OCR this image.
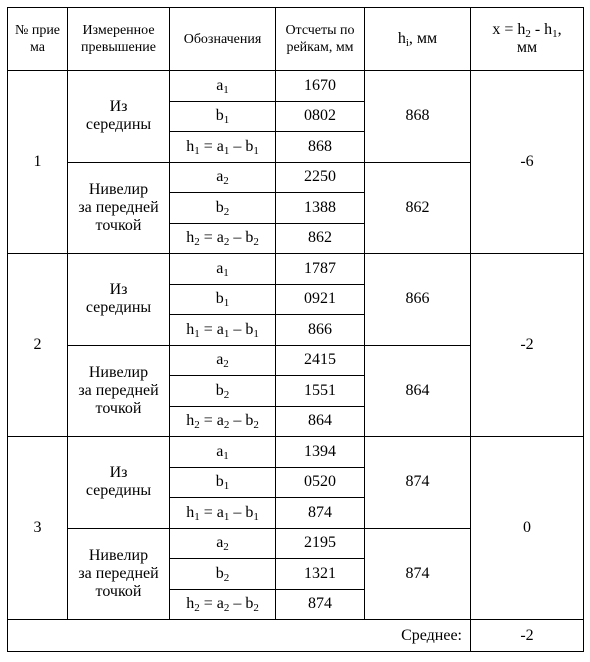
№ прие ма	Измеренное превышение	Обозначения	Отсчеты по рейкам, мм	$h_i$, мм	$x = h_2 - h_1$,
мм
1	Из
середины	$a_1$	1670	868	-6
		$b_1$	0802		
		$h_1 = a_1 - b_1$	868		

	Нивелир
за передней
точкой	$a_2$	2250	862	
		$b_2$	1388		
		$h_2 = a_2 - b_2$	862		
2	Из
середины	$a_1$	1787	866	-2
		$b_1$	0921		
		$h_1 = a_1 - b_1$	866		

	Нивелир
за передней
точкой	$a_2$	2415	864	
		$b_2$	1551		
		$h_2 = a_2 - b_2$	864		
3	Из
середины	$a_1$	1394	874	0
		$b_1$	0520		
		$h_1 = a_1 - b_1$	874		

	Нивелир
за передней
точкой	$a_2$	2195	874	
		$b_2$	1321		
		$h_2 = a_2 - b_2$	874		
Среднее:					-2
